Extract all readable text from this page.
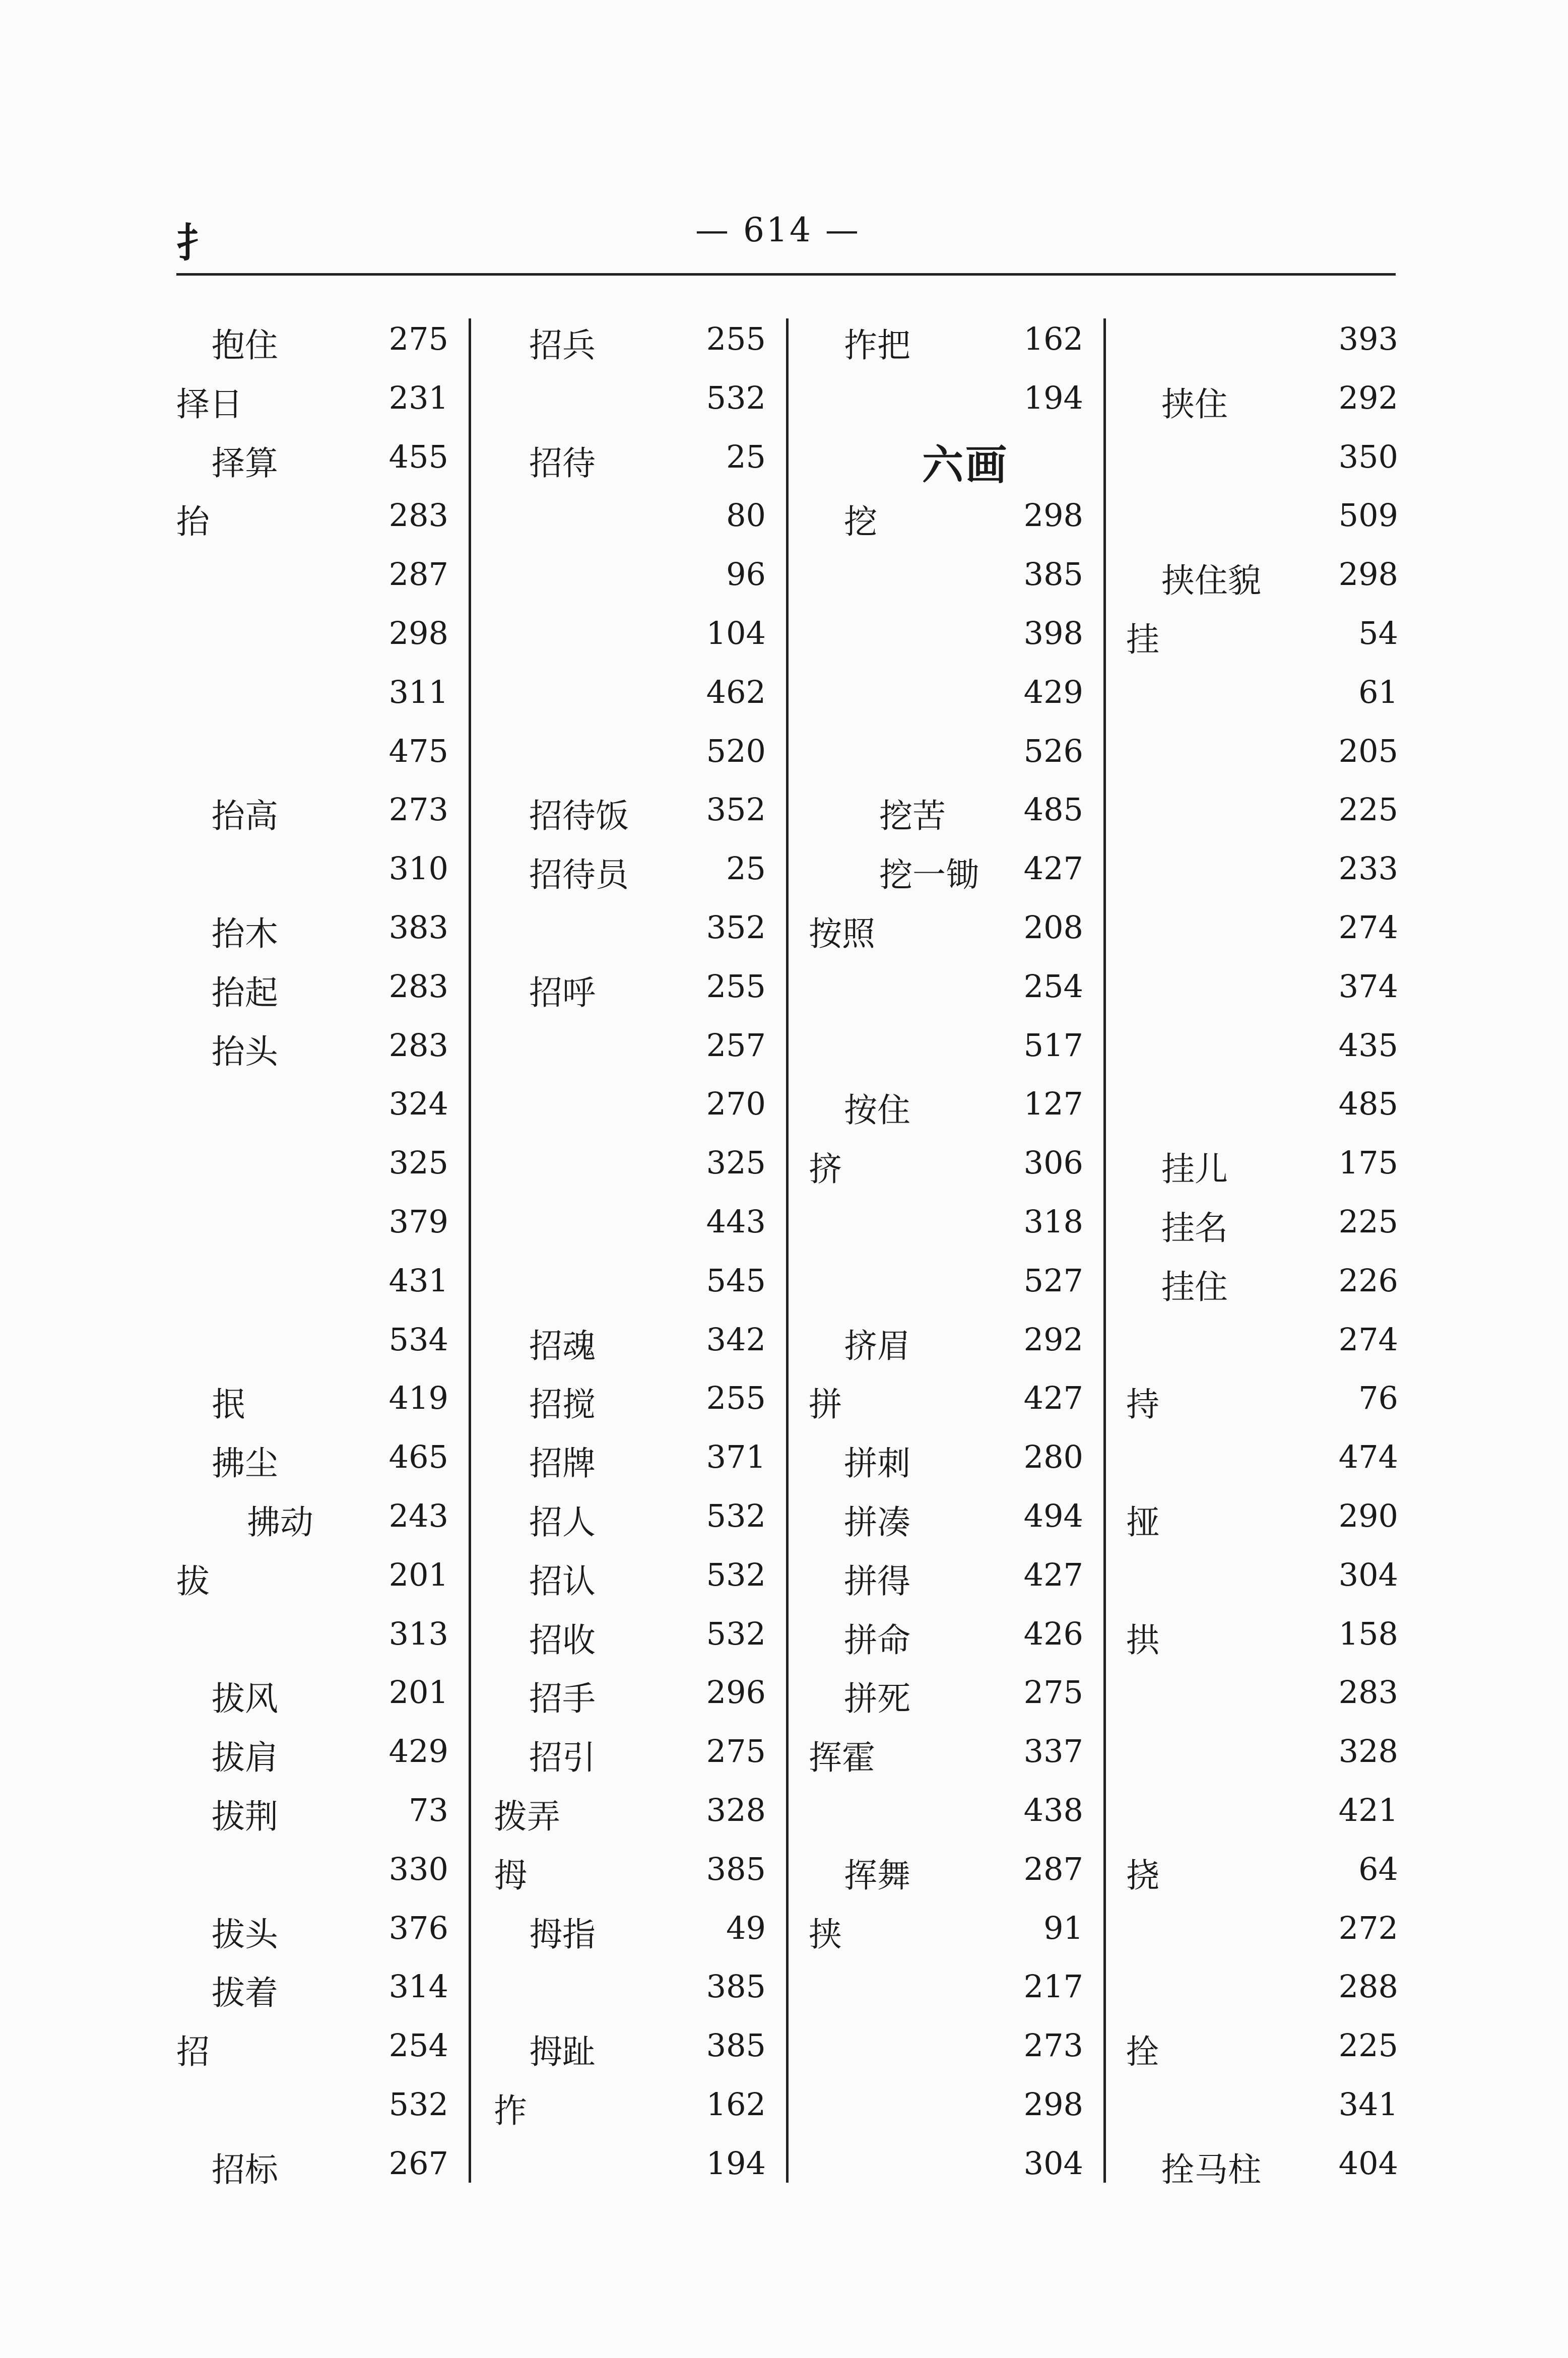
扌	— 614 —
抱住	275
择日	231
择算	455
抬	283
287
298
311
475
抬高	273
310
抬木	383
抬起	283
抬头	283
324
325
379
431
534
抿	419
拂尘	465
拂动 243
拔	201
313
拔风	201
拔肩	429
拔荆	73
330
拔头	376
拔着	314
招	254
532
招标	267
招兵	255
532
招待	25
80
96
104
462
520
招待饭 352
招待员	25
352
招呼	255
257
270
325
443
545
招魂	342
招搅	255
招牌	371
招人	532
招认	532
招收	532
招手	296
招引	275
拨弄	328
拇	385
拇指	49
385
拇趾	385
拃	162
194
拃把	162
194
六画
挖	298
385
398
429
526
挖苦 485
挖一锄 427
按照	208
254
517
按住	127
挤	306
318
527
挤眉	292
拼	427
拼刺	280
拼凑	494
拼得	427
拼命	426
拼死	275
挥霍	337
438
挥舞	287
挟	91
217
273
298
304
393
挟住	292
350
509
挟住貌 298
挂	54
61
205
225
233
274
374
435
485
挂儿	175
挂名	225
挂住	226
274
持	76
474
挜	290
304
拱	158
283
328
421
挠	64
272
288
拴	225
341
拴马柱 404
